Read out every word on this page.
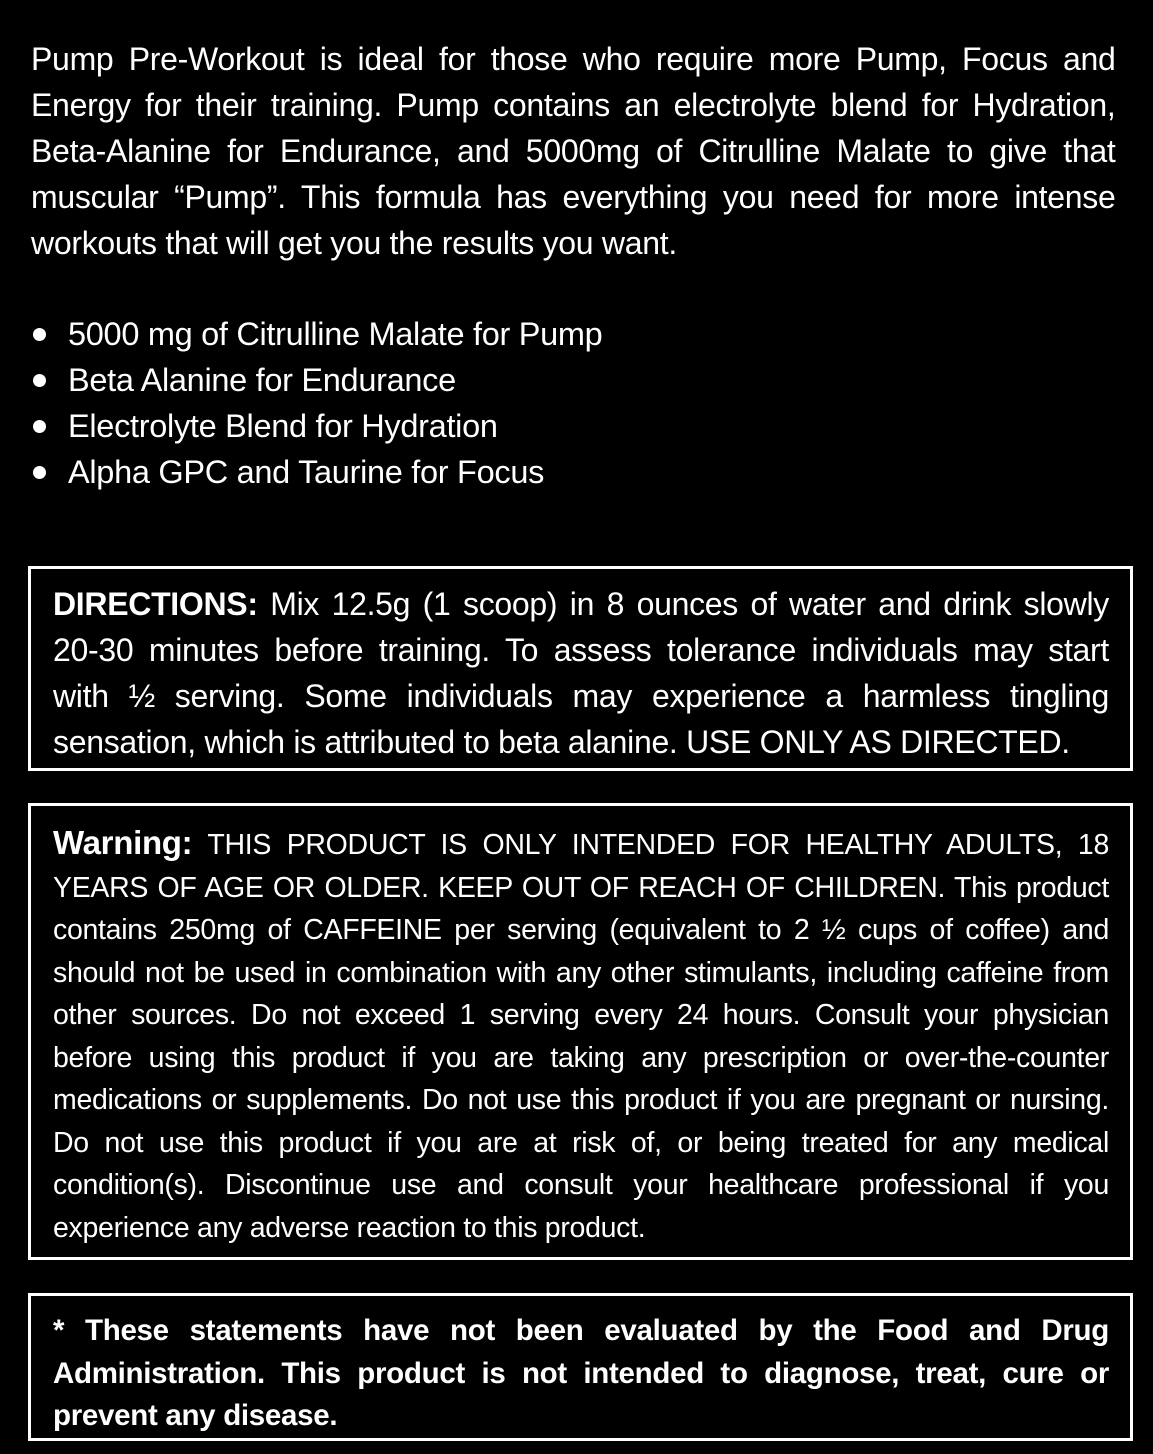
Pump Pre-Workout is ideal for those who require more Pump, Focus and Energy for their training. Pump contains an electrolyte blend for Hydration, Beta-Alanine for Endurance, and 5000mg of Citrulline Malate to give that muscular “Pump”. This formula has everything you need for more intense workouts that will get you the results you want.

5000 mg of Citrulline Malate for Pump
Beta Alanine for Endurance
Electrolyte Blend for Hydration
Alpha GPC and Taurine for Focus

DIRECTIONS: Mix 12.5g (1 scoop) in 8 ounces of water and drink slowly 20-30 minutes before training. To assess tolerance individuals may start with ½ serving. Some individuals may experience a harmless tingling sensation, which is attributed to beta alanine. USE ONLY AS DIRECTED.

Warning: THIS PRODUCT IS ONLY INTENDED FOR HEALTHY ADULTS, 18 YEARS OF AGE OR OLDER. KEEP OUT OF REACH OF CHILDREN. This product contains 250mg of CAFFEINE per serving (equivalent to 2 ½ cups of coffee) and should not be used in combination with any other stimulants, including caffeine from other sources. Do not exceed 1 serving every 24 hours. Consult your physician before using this product if you are taking any prescription or over-the-counter medications or supplements. Do not use this product if you are pregnant or nursing. Do not use this product if you are at risk of, or being treated for any medical condition(s). Discontinue use and consult your healthcare professional if you experience any adverse reaction to this product.

* These statements have not been evaluated by the Food and Drug Administration. This product is not intended to diagnose, treat, cure or prevent any disease.
